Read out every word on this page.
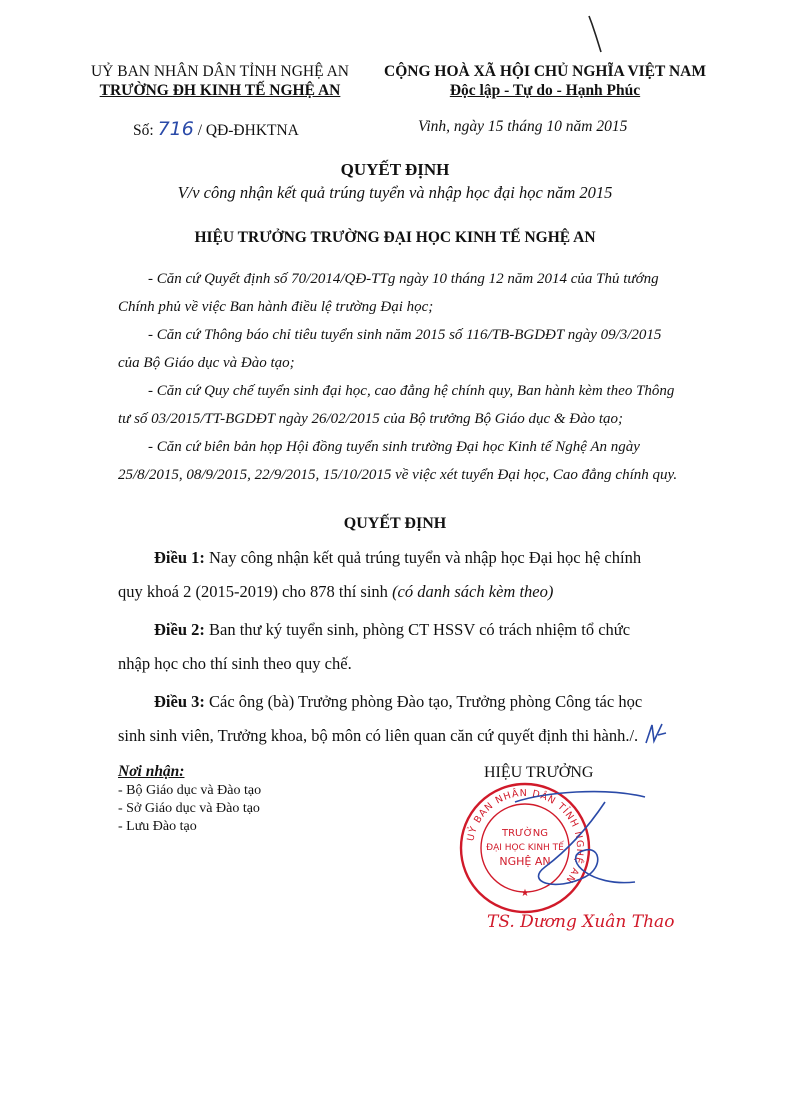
UỶ BAN NHÂN DÂN TỈNH NGHỆ AN
TRƯỜNG ĐH KINH TẾ NGHỆ AN
CỘNG HOÀ XÃ HỘI CHỦ NGHĨA VIỆT NAM
Độc lập - Tự do - Hạnh Phúc
Số: 716 / QĐ-ĐHKTNA	Vinh, ngày 15 tháng 10 năm 2015
QUYẾT ĐỊNH
V/v công nhận kết quả trúng tuyển và nhập học đại học năm 2015
HIỆU TRƯỞNG TRƯỜNG ĐẠI HỌC KINH TẾ NGHỆ AN
- Căn cứ Quyết định số 70/2014/QĐ-TTg ngày 10 tháng 12 năm 2014 của Thủ tướng
Chính phủ về việc Ban hành điều lệ trường Đại học;
- Căn cứ Thông báo chỉ tiêu tuyển sinh năm 2015 số 116/TB-BGDĐT ngày 09/3/2015
của Bộ Giáo dục và Đào tạo;
- Căn cứ Quy chế tuyển sinh đại học, cao đẳng hệ chính quy, Ban hành kèm theo Thông
tư số 03/2015/TT-BGDĐT ngày 26/02/2015 của Bộ trưởng Bộ Giáo dục & Đào tạo;
- Căn cứ biên bản họp Hội đồng tuyển sinh trường Đại học Kinh tế Nghệ An ngày
25/8/2015, 08/9/2015, 22/9/2015, 15/10/2015 về việc xét tuyển Đại học, Cao đẳng chính quy.
QUYẾT ĐỊNH
Điều 1: Nay công nhận kết quả trúng tuyển và nhập học Đại học hệ chính
quy khoá 2 (2015-2019) cho 878 thí sinh (có danh sách kèm theo)
Điều 2: Ban thư ký tuyển sinh, phòng CT HSSV có trách nhiệm tổ chức
nhập học cho thí sinh theo quy chế.
Điều 3: Các ông (bà) Trưởng phòng Đào tạo, Trưởng phòng Công tác học
sinh sinh viên, Trưởng khoa, bộ môn có liên quan căn cứ quyết định thi hành./.
Nơi nhận:
- Bộ Giáo dục và Đào tạo
- Sở Giáo dục và Đào tạo
- Lưu Đào tạo
HIỆU TRƯỞNG
UỶ BAN NHÂN DÂN TỈNH NGHỆ AN
TRƯỜNG
ĐẠI HỌC KINH TẾ
NGHỆ AN
★
TS. Dương Xuân Thao
